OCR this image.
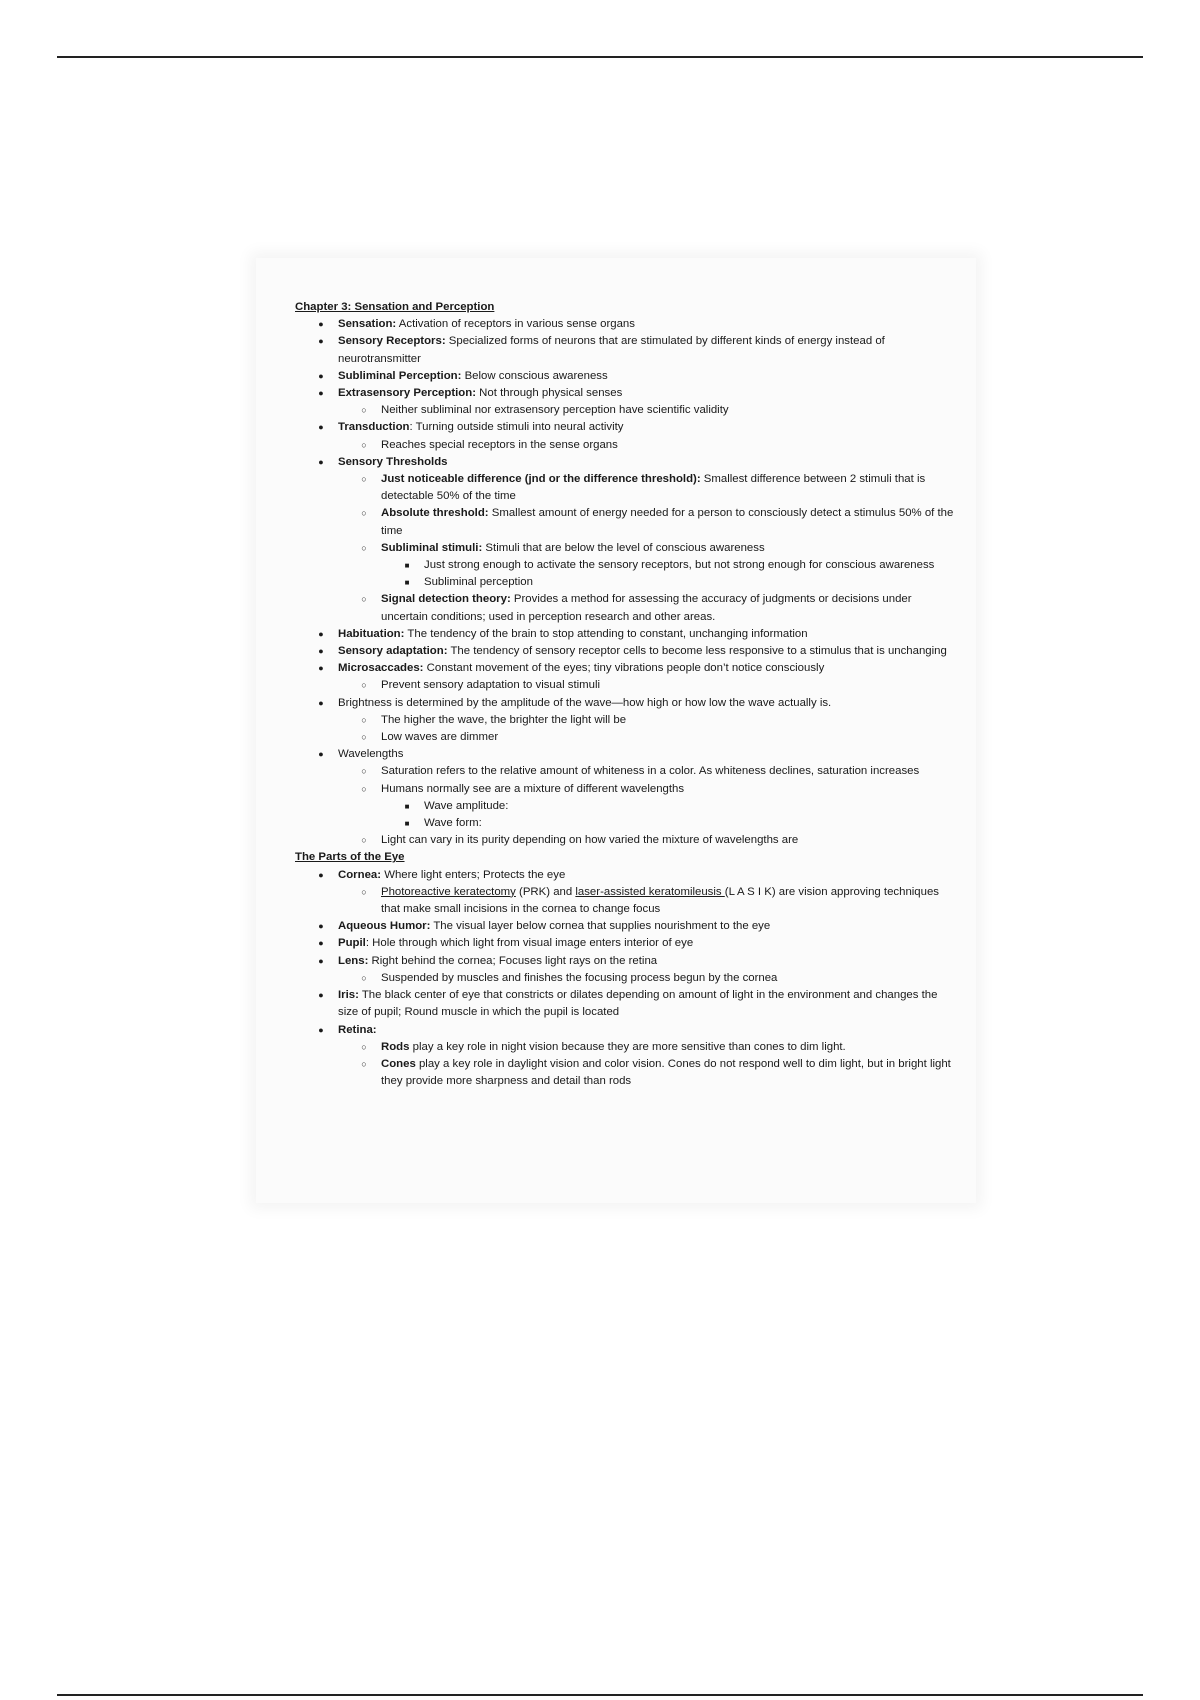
Chapter 3: Sensation and Perception
● Sensation: Activation of receptors in various sense organs
● Sensory Receptors: Specialized forms of neurons that are stimulated by different kinds of energy instead of neurotransmitter
● Subliminal Perception: Below conscious awareness
● Extrasensory Perception: Not through physical senses
○ Neither subliminal nor extrasensory perception have scientific validity
● Transduction: Turning outside stimuli into neural activity
○ Reaches special receptors in the sense organs
● Sensory Thresholds
○ Just noticeable difference (jnd or the difference threshold): Smallest difference between 2 stimuli that is detectable 50% of the time
○ Absolute threshold: Smallest amount of energy needed for a person to consciously detect a stimulus 50% of the time
○ Subliminal stimuli: Stimuli that are below the level of conscious awareness
■	Just strong enough to activate the sensory receptors, but not strong enough for conscious awareness
■	Subliminal perception
○ Signal detection theory: Provides a method for assessing the accuracy of judgments or decisions under uncertain conditions; used in perception research and other areas.
● Habituation: The tendency of the brain to stop attending to constant, unchanging information
● Sensory adaptation: The tendency of sensory receptor cells to become less responsive to a stimulus that is unchanging
● Microsaccades: Constant movement of the eyes; tiny vibrations people don’t notice consciously
○ Prevent sensory adaptation to visual stimuli
● Brightness is determined by the amplitude of the wave—how high or how low the wave actually is.
○ The higher the wave, the brighter the light will be
○ Low waves are dimmer
● Wavelengths
○ Saturation refers to the relative amount of whiteness in a color. As whiteness declines, saturation increases
○ Humans normally see are a mixture of different wavelengths
■	Wave amplitude:
■	Wave form:
○ Light can vary in its purity depending on how varied the mixture of wavelengths are
The Parts of the Eye
● Cornea: Where light enters; Protects the eye
○ Photoreactive keratectomy (PRK) and laser-assisted keratomileusis (L A S I K) are vision approving techniques that make small incisions in the cornea to change focus
● Aqueous Humor: The visual layer below cornea that supplies nourishment to the eye
● Pupil: Hole through which light from visual image enters interior of eye
● Lens: Right behind the cornea; Focuses light rays on the retina
○ Suspended by muscles and finishes the focusing process begun by the cornea
● Iris: The black center of eye that constricts or dilates depending on amount of light in the environment and changes the size of pupil; Round muscle in which the pupil is located
● Retina:
○ Rods play a key role in night vision because they are more sensitive than cones to dim light.
○ Cones play a key role in daylight vision and color vision. Cones do not respond well to dim light, but in bright light they provide more sharpness and detail than rods
